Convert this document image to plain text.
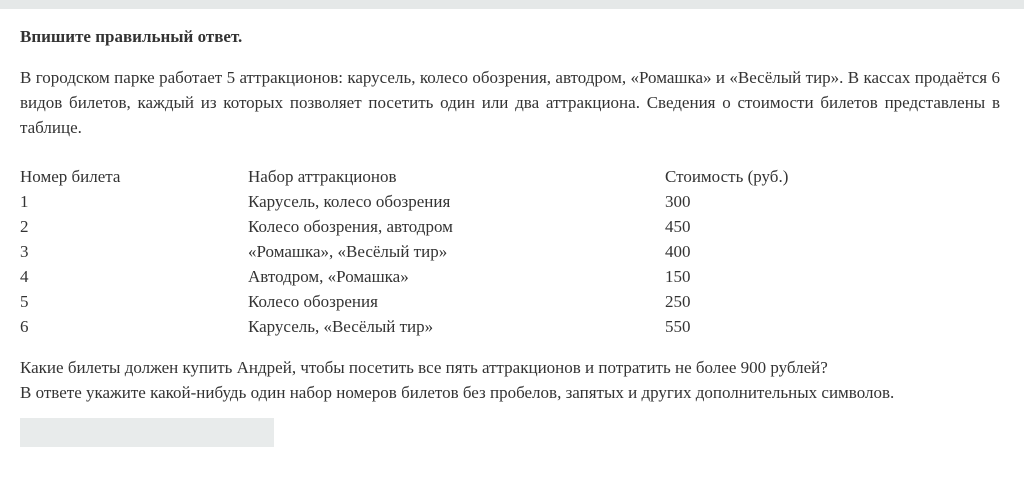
Впишите правильный ответ.

В городском парке работает 5 аттракционов: карусель, колесо обозрения, автодром, «Ромашка» и «Весёлый тир». В кассах продаётся 6 видов билетов, каждый из которых позволяет посетить один или два аттракциона. Сведения о стоимости билетов представлены в таблице.

Номер билета	Набор аттракционов	Стоимость (руб.)
1	Карусель, колесо обозрения	300
2	Колесо обозрения, автодром	450
3	«Ромашка», «Весёлый тир»	400
4	Автодром, «Ромашка»	150
5	Колесо обозрения	250
6	Карусель, «Весёлый тир»	550

Какие билеты должен купить Андрей, чтобы посетить все пять аттракционов и потратить не более 900 рублей?
В ответе укажите какой-нибудь один набор номеров билетов без пробелов, запятых и других дополнительных символов.
